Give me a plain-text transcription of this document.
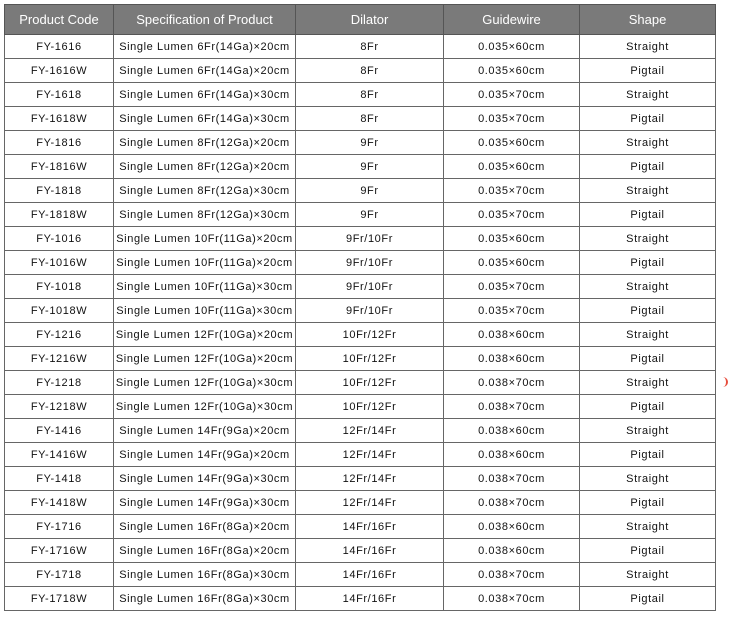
Product Code	Specification of Product	Dilator	Guidewire	Shape
FY-1616	Single Lumen 6Fr(14Ga)×20cm	8Fr	0.035×60cm	Straight
FY-1616W	Single Lumen 6Fr(14Ga)×20cm	8Fr	0.035×60cm	Pigtail
FY-1618	Single Lumen 6Fr(14Ga)×30cm	8Fr	0.035×70cm	Straight
FY-1618W	Single Lumen 6Fr(14Ga)×30cm	8Fr	0.035×70cm	Pigtail
FY-1816	Single Lumen 8Fr(12Ga)×20cm	9Fr	0.035×60cm	Straight
FY-1816W	Single Lumen 8Fr(12Ga)×20cm	9Fr	0.035×60cm	Pigtail
FY-1818	Single Lumen 8Fr(12Ga)×30cm	9Fr	0.035×70cm	Straight
FY-1818W	Single Lumen 8Fr(12Ga)×30cm	9Fr	0.035×70cm	Pigtail
FY-1016	Single Lumen 10Fr(11Ga)×20cm	9Fr/10Fr	0.035×60cm	Straight
FY-1016W	Single Lumen 10Fr(11Ga)×20cm	9Fr/10Fr	0.035×60cm	Pigtail
FY-1018	Single Lumen 10Fr(11Ga)×30cm	9Fr/10Fr	0.035×70cm	Straight
FY-1018W	Single Lumen 10Fr(11Ga)×30cm	9Fr/10Fr	0.035×70cm	Pigtail
FY-1216	Single Lumen 12Fr(10Ga)×20cm	10Fr/12Fr	0.038×60cm	Straight
FY-1216W	Single Lumen 12Fr(10Ga)×20cm	10Fr/12Fr	0.038×60cm	Pigtail
FY-1218	Single Lumen 12Fr(10Ga)×30cm	10Fr/12Fr	0.038×70cm	Straight
FY-1218W	Single Lumen 12Fr(10Ga)×30cm	10Fr/12Fr	0.038×70cm	Pigtail
FY-1416	Single Lumen 14Fr(9Ga)×20cm	12Fr/14Fr	0.038×60cm	Straight
FY-1416W	Single Lumen 14Fr(9Ga)×20cm	12Fr/14Fr	0.038×60cm	Pigtail
FY-1418	Single Lumen 14Fr(9Ga)×30cm	12Fr/14Fr	0.038×70cm	Straight
FY-1418W	Single Lumen 14Fr(9Ga)×30cm	12Fr/14Fr	0.038×70cm	Pigtail
FY-1716	Single Lumen 16Fr(8Ga)×20cm	14Fr/16Fr	0.038×60cm	Straight
FY-1716W	Single Lumen 16Fr(8Ga)×20cm	14Fr/16Fr	0.038×60cm	Pigtail
FY-1718	Single Lumen 16Fr(8Ga)×30cm	14Fr/16Fr	0.038×70cm	Straight
FY-1718W	Single Lumen 16Fr(8Ga)×30cm	14Fr/16Fr	0.038×70cm	Pigtail
